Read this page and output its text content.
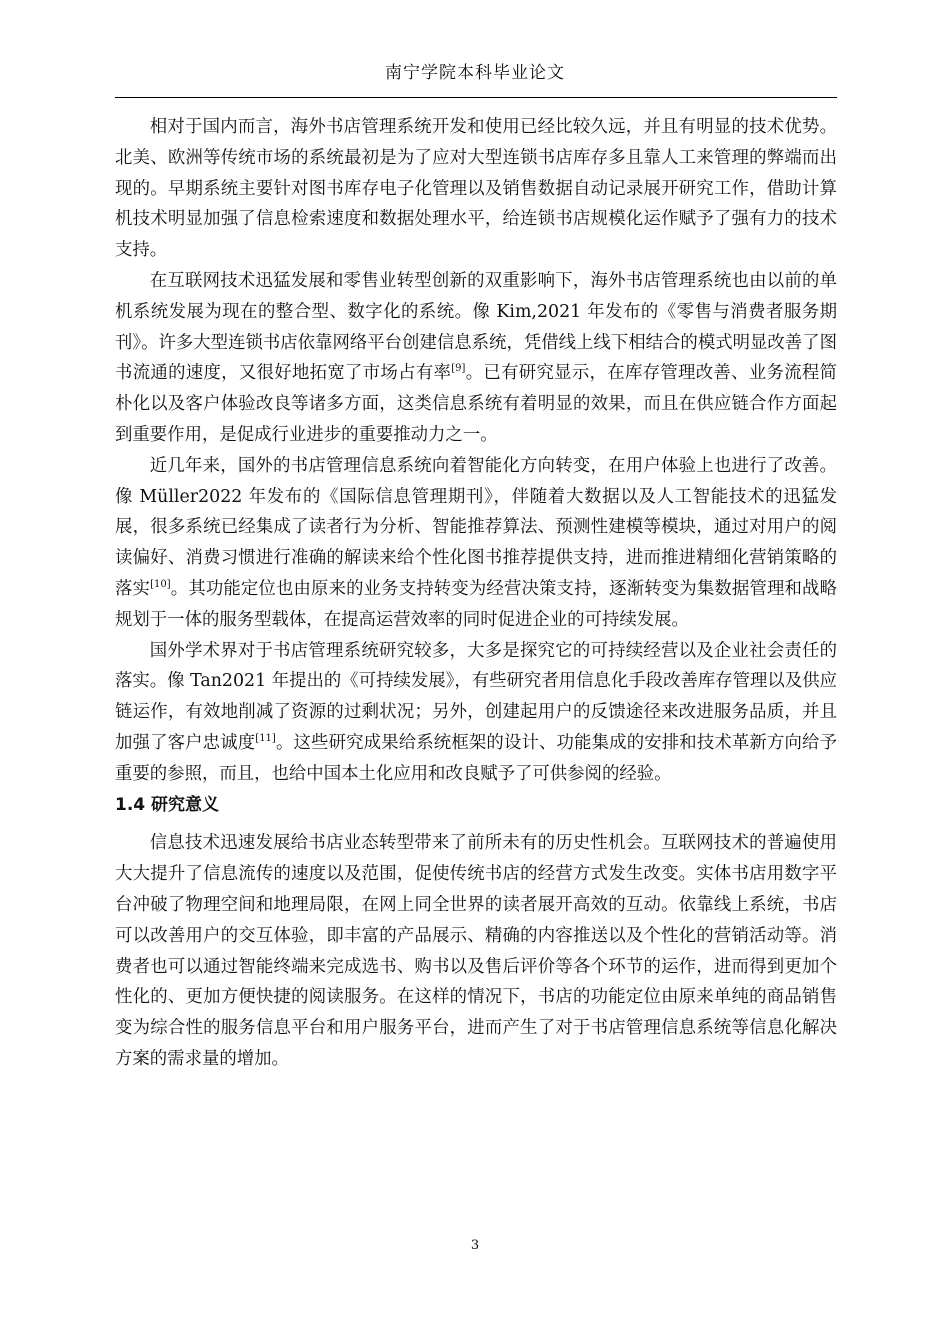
南宁学院本科毕业论文

相对于国内而言，海外书店管理系统开发和使用已经比较久远，并且有明显的技术优势。北美、欧洲等传统市场的系统最初是为了应对大型连锁书店库存多且靠人工来管理的弊端而出现的。早期系统主要针对图书库存电子化管理以及销售数据自动记录展开研究工作，借助计算机技术明显加强了信息检索速度和数据处理水平，给连锁书店规模化运作赋予了强有力的技术支持。

在互联网技术迅猛发展和零售业转型创新的双重影响下，海外书店管理系统也由以前的单机系统发展为现在的整合型、数字化的系统。像 Kim,2021 年发布的《零售与消费者服务期刊》。许多大型连锁书店依靠网络平台创建信息系统，凭借线上线下相结合的模式明显改善了图书流通的速度，又很好地拓宽了市场占有率[9]。已有研究显示，在库存管理改善、业务流程简朴化以及客户体验改良等诸多方面，这类信息系统有着明显的效果，而且在供应链合作方面起到重要作用，是促成行业进步的重要推动力之一。

近几年来，国外的书店管理信息系统向着智能化方向转变，在用户体验上也进行了改善。像 Müller2022 年发布的《国际信息管理期刊》，伴随着大数据以及人工智能技术的迅猛发展，很多系统已经集成了读者行为分析、智能推荐算法、预测性建模等模块，通过对用户的阅读偏好、消费习惯进行准确的解读来给个性化图书推荐提供支持，进而推进精细化营销策略的落实[10]。其功能定位也由原来的业务支持转变为经营决策支持，逐渐转变为集数据管理和战略规划于一体的服务型载体，在提高运营效率的同时促进企业的可持续发展。

国外学术界对于书店管理系统研究较多，大多是探究它的可持续经营以及企业社会责任的落实。像 Tan2021 年提出的《可持续发展》，有些研究者用信息化手段改善库存管理以及供应链运作，有效地削减了资源的过剩状况；另外，创建起用户的反馈途径来改进服务品质，并且加强了客户忠诚度[11]。这些研究成果给系统框架的设计、功能集成的安排和技术革新方向给予重要的参照，而且，也给中国本土化应用和改良赋予了可供参阅的经验。

1.4 研究意义

信息技术迅速发展给书店业态转型带来了前所未有的历史性机会。互联网技术的普遍使用大大提升了信息流传的速度以及范围，促使传统书店的经营方式发生改变。实体书店用数字平台冲破了物理空间和地理局限，在网上同全世界的读者展开高效的互动。依靠线上系统，书店可以改善用户的交互体验，即丰富的产品展示、精确的内容推送以及个性化的营销活动等。消费者也可以通过智能终端来完成选书、购书以及售后评价等各个环节的运作，进而得到更加个性化的、更加方便快捷的阅读服务。在这样的情况下，书店的功能定位由原来单纯的商品销售变为综合性的服务信息平台和用户服务平台，进而产生了对于书店管理信息系统等信息化解决方案的需求量的增加。

3
